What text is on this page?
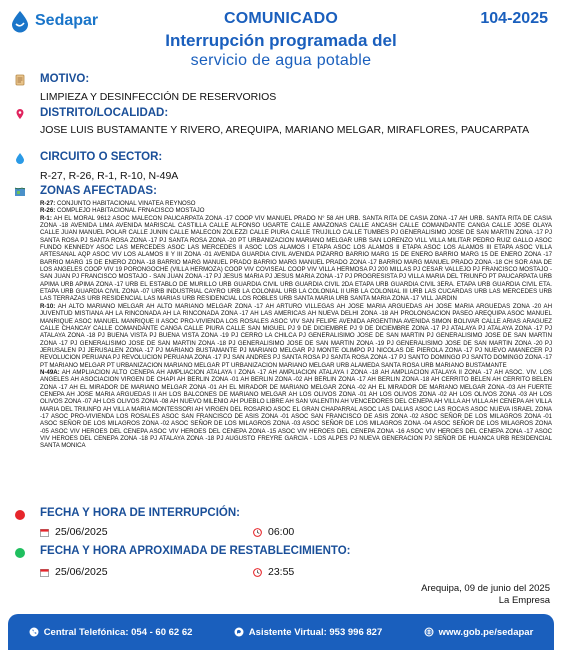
Sedapar	COMUNICADO	104-2025
Interrupción programada del
servicio de agua potable
MOTIVO:
LIMPIEZA Y DESINFECCIÓN DE RESERVORIOS
DISTRITO/LOCALIDAD:
JOSE LUIS BUSTAMANTE Y RIVERO, AREQUIPA, MARIANO MELGAR, MIRAFLORES, PAUCARPATA
CIRCUITO O SECTOR:
R-27, R-26, R-1, R-10, N-49A
ZONAS AFECTADAS:
R-27: CONJUNTO HABITACIONAL VINATEA REYNOSO
R-26: COMPLEJO HABITACIONAL FRNACISCO MOSTAJO
R-1: AH EL MORAL 9612 ASOC MALECON PAUCARPATA ZONA -17 COOP VIV MANUEL PRADO N° 58 AH URB. SANTA RITA DE CASIA ZONA -17 AH URB. SANTA RITA DE CASIA ZONA -18 AVENIDA LIMA AVENIDA MARISCAL CASTILLA CALLE ALFONSO UGARTE CALLE AMAZONAS CALLE ANCASH CALLE COMANDANTE CANGA CALLE JOSE OLAYA CALLE JUAN MANUEL POLAR CALLE JUNIN CALLE MALECON ZOLEZZI CALLE PIURA CALLE TRUJILLO CALLE TUMBES PJ GENERALISIMO JOSE DE SAN MARTIN ZONA -17 PJ SANTA ROSA PJ SANTA ROSA ZONA -17 PJ SANTA ROSA ZONA -20 PT URBANIZACION MARIANO MELGAR URB SAN LORENZO VILL VILLA MILITAR PEDRO RUIZ GALLO ASOC FUNDO KENNEDY ASOC LAS MERCEDES ASOC LAS MERCEDES II ASOC LOS ALAMOS I ETAPA ASOC LOS ALAMOS II ETAPA ASOC LOS ALAMOS III ETAPA ASOC VILLA ARTESANAL AQP ASOC VIV LOS ALAMOS II Y III ZONA -01 AVENIDA GUARDIA CIVIL AVENIDA PIZARRO BARRIO MARG 15 DE ENERO BARRIO MARG 15 DE ENERO ZONA -17 BARRIO MARG 15 DE ENERO ZONA -18 BARRIO MARG MANUEL PRADO BARRIO MARG MANUEL PRADO ZONA -17 BARRIO MARG MANUEL PRADO ZONA -18 CH SOR ANA DE LOS ANGELES COOP VIV 19 PORONGOCHE (VILLA HERMOZA) COOP VIV COVISEAL COOP VIV VILLA HERMOSA PJ 200 MILLAS PJ CESAR VALLEJO PJ FRANCISCO MOSTAJO - SAN JUAN PJ FRANCISCO MOSTAJO - SAN JUAN ZONA -17 PJ JESUS MARIA PJ JESUS MARIA ZONA -17 PJ PROGRESISTA PJ VILLA MARIA DEL TRIUNFO PT PAUCARPATA URB APIMA URB APIMA ZONA -17 URB EL ESTABLO DE MURILLO URB GUARDIA CIVIL URB GUARDIA CIVIL 2DA ETAPA URB GUARDIA CIVIL 3ERA. ETAPA URB GUARDIA CIVIL ETA. ETAPA URB GUARDIA CIVIL ZONA -07 URB INDUSTRIAL CAYRO URB LA COLONIAL URB LA COLONIAL II URB LA COLONIAL III URB LAS CUCARDAS URB LAS MERCEDES URB LAS TERRAZAS URB RESIDENCIAL LAS MARIAS URB RESIDENCIAL LOS ROBLES URB SANTA MARIA URB SANTA MARIA ZONA -17 VILL JARDIN
R-10: AH ALTO MARIANO MELGAR AH ALTO MARIANO MELGAR ZONA -17 AH ARTURO VILLEGAS AH JOSE MARIA ARGUEDAS AH JOSE MARIA ARGUEDAS ZONA -20 AH JUVENTUD MISTIANA AH LA RINCONADA AH LA RINCONADA ZONA -17 AH LAS AMERICAS AH NUEVA DELHI ZONA -18 AH PROLONGACION PASEO AREQUIPA ASOC MANUEL MANRIQUE ASOC MANUEL MANRIQUE II ASOC PRO-VIVIENDA LOS ROSALES ASOC VIV SAN FELIPE AVENIDA ARGENTINA AVENIDA SIMON BOLIVAR CALLE ARIAS ARAGUEZ CALLE CHANCAY CALLE COMANDANTE CANGA CALLE PIURA CALLE SAN MIGUEL PJ 9 DE DICIEMBRE PJ 9 DE DICIEMBRE ZONA -17 PJ ATALAYA PJ ATALAYA ZONA -17 PJ ATALAYA ZONA -18 PJ BUENA VISTA PJ BUENA VISTA ZONA -19 PJ CERRO LA CHILCA PJ GENERALISIMO JOSE DE SAN MARTIN PJ GENERALISIMO JOSE DE SAN MARTIN ZONA -17 PJ GENERALISIMO JOSE DE SAN MARTIN ZONA -18 PJ GENERALISIMO JOSE DE SAN MARTIN ZONA -19 PJ GENERALISIMO JOSE DE SAN MARTIN ZONA -20 PJ JERUSALEN PJ JERUSALEN ZONA -17 PJ MARIANO BUSTAMANTE PJ MARIANO MELGAR PJ MONTE OLIMPO PJ NICOLAS DE PIEROLA ZONA -17 PJ NUEVO AMANECER PJ REVOLUCION PERUANA PJ REVOLUCION PERUANA ZONA -17 PJ SAN ANDRES PJ SANTA ROSA PJ SANTA ROSA ZONA -17 PJ SANTO DOMINGO PJ SANTO DOMINGO ZONA -17 PT MARIANO MELGAR PT URBANIZACION MARIANO MELGAR PT URBANIZACION MARIANO MELGAR URB ALAMEDA SANTA ROSA URB MARIANO BUSTAMANTE
N-49A: AH AMPLIACION ALTO CENEPA AH AMPLIACION ATALAYA I ZONA -17 AH AMPLIACION ATALAYA I ZONA -18 AH AMPLIACION ATALAYA II ZONA -17 AH ASOC. VIV. LOS ANGELES AH ASOCIACION VIRGEN DE CHAPI AH BERLIN ZONA -01 AH BERLIN ZONA -02 AH BERLIN ZONA -17 AH BERLIN ZONA -18 AH CERRITO BELEN AH CERRITO BELEN ZONA -17 AH EL MIRADOR DE MARIANO MELGAR ZONA -01 AH EL MIRADOR DE MARIANO MELGAR ZONA -02 AH EL MIRADOR DE MARIANO MELGAR ZONA -03 AH FUERTE CENEPA AH JOSE MARIA ARGUEDAS II AH LOS BALCONES DE MARIANO MELGAR AH LOS OLIVOS ZONA -01 AH LOS OLIVOS ZONA -02 AH LOS OLIVOS ZONA -03 AH LOS OLIVOS ZONA -07 AH LOS OLIVOS ZONA -08 AH NUEVO MILENIO AH PUEBLO LIBRE AH SAN VALENTIN AH VENCEDORES DEL CENEPA AH VILLA AH VILLA AH CENEPA AH VILLA MARIA DEL TRIUNFO AH VILLA MARIA MONTESSORI AH VIRGEN DEL ROSARIO ASOC EL GRAN CHAPARRAL ASOC LAS DALIAS ASOC LAS ROCAS ASOC NUEVA ISRAEL ZONA -17 ASOC PRO-VIVIENDA LOS ROSALES ASOC SAN FRANCISCO DE ASIS ZONA -01 ASOC SAN FRANCISCO DE ASIS ZONA -02 ASOC SEÑOR DE LOS MILAGROS ZONA -01 ASOC SEÑOR DE LOS MILAGROS ZONA -02 ASOC SEÑOR DE LOS MILAGROS ZONA -03 ASOC SEÑOR DE LOS MILAGROS ZONA -04 ASOC SEÑOR DE LOS MILAGROS ZONA -05 ASOC VIV HEROES DEL CENEPA ASOC VIV HEROES DEL CENEPA ZONA -15 ASOC VIV HEROES DEL CENEPA ZONA -16 ASOC VIV HEROES DEL CENEPA ZONA -17 ASOC VIV HEROES DEL CENEPA ZONA -18 PJ ATALAYA ZONA -18 PJ AUGUSTO FREYRE GARCIA - LOS ALPES PJ NUEVA GENERACION PJ SEÑOR DE HUANCA URB RESIDENCIAL SANTA MONICA
FECHA Y HORA DE INTERRUPCIÓN:
25/06/2025	06:00
FECHA Y HORA APROXIMADA DE RESTABLECIMIENTO:
25/06/2025	23:55
Arequipa, 09 de junio del 2025
La Empresa
Central Telefónica: 054 - 60 62 62	Asistente Virtual: 953 996 827	www.gob.pe/sedapar
